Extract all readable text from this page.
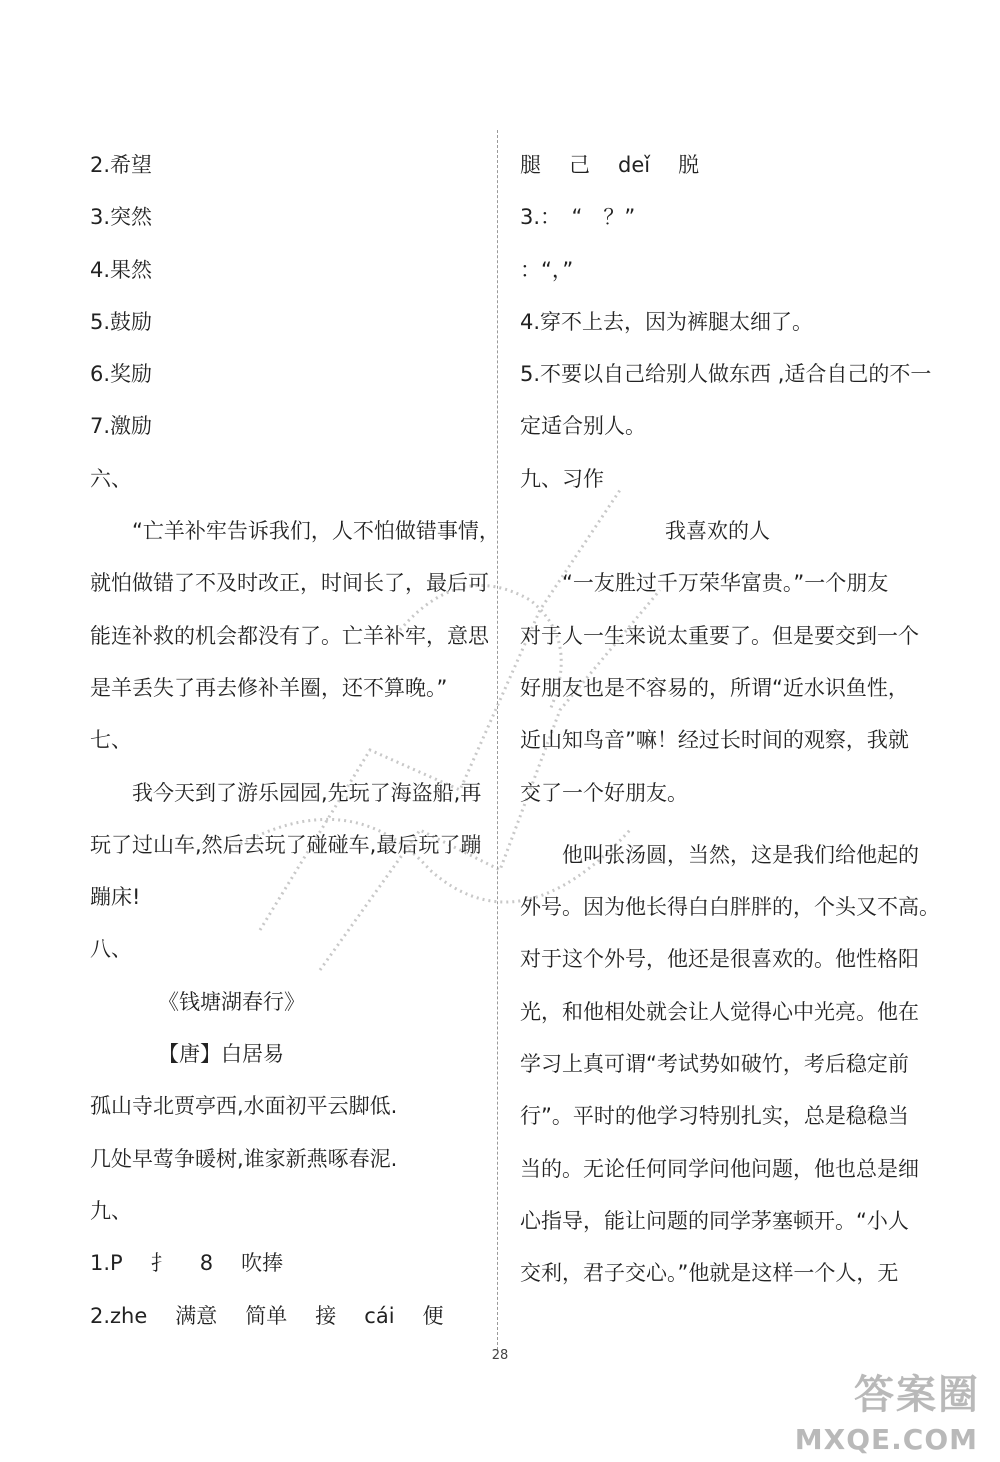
2.希望
3.突然
4.果然
5.鼓励
6.奖励
7.激励
六、
“亡羊补牢告诉我们，人不怕做错事情，
就怕做错了不及时改正，时间长了，最后可
能连补救的机会都没有了。亡羊补牢，意思
是羊丢失了再去修补羊圈，还不算晚。”
七、
我今天到了游乐园园,先玩了海盗船,再
玩了过山车,然后去玩了碰碰车,最后玩了蹦
蹦床!
八、
《钱塘湖春行》
【唐】白居易
孤山寺北贾亭西,水面初平云脚低.
几处早莺争暖树,谁家新燕啄春泥.
九、
1.P 扌 8 吹捧
2.zhe 满意 简单 接 cái 便
腿 己 deǐ 脱
3.：　“　？”
：“，”
4.穿不上去，因为裤腿太细了。
5.不要以自己给别人做东西 ,适合自己的不一
定适合别人。
九、习作
我喜欢的人
“一友胜过千万荣华富贵。”一个朋友
对于人一生来说太重要了。但是要交到一个
好朋友也是不容易的，所谓“近水识鱼性，
近山知鸟音”嘛！经过长时间的观察，我就
交了一个好朋友。
他叫张汤圆，当然，这是我们给他起的
外号。因为他长得白白胖胖的，个头又不高。
对于这个外号，他还是很喜欢的。他性格阳
光，和他相处就会让人觉得心中光亮。他在
学习上真可谓“考试势如破竹，考后稳定前
行”。平时的他学习特别扎实，总是稳稳当
当的。无论任何同学问他问题，他也总是细
心指导，能让问题的同学茅塞顿开。“小人
交利，君子交心。”他就是这样一个人，无
28
答案圈
MXQE.COM
